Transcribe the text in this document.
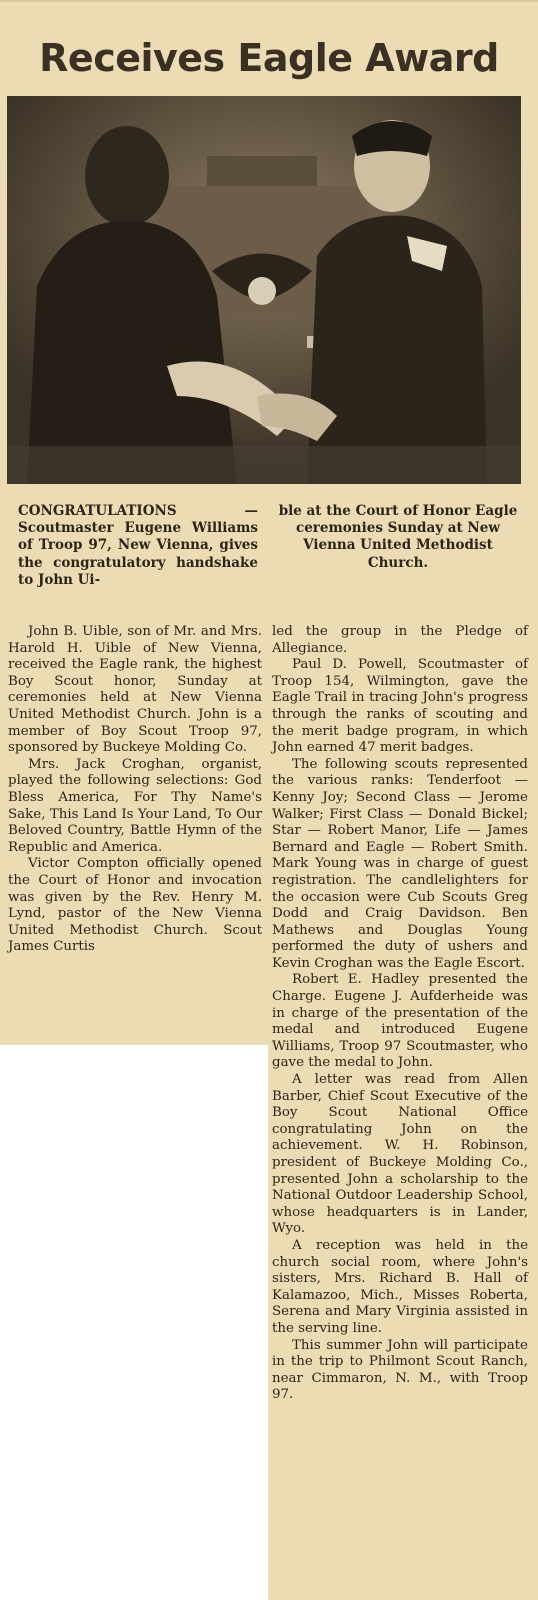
Receives Eagle Award
CONGRATULATIONS — Scoutmaster Eugene Williams of Troop 97, New Vienna, gives the congratulatory handshake to John Ui-
ble at the Court of Honor Eagle ceremonies Sunday at New Vienna United Methodist Church.

John B. Uible, son of Mr. and Mrs. Harold H. Uible of New Vienna, received the Eagle rank, the highest Boy Scout honor, Sunday at ceremonies held at New Vienna United Methodist Church. John is a member of Boy Scout Troop 97, sponsored by Buckeye Molding Co.

Mrs. Jack Croghan, organist, played the following selections: God Bless America, For Thy Name's Sake, This Land Is Your Land, To Our Beloved Country, Battle Hymn of the Republic and America.

Victor Compton officially opened the Court of Honor and invocation was given by the Rev. Henry M. Lynd, pastor of the New Vienna United Methodist Church. Scout James Curtis

led the group in the Pledge of Allegiance.

Paul D. Powell, Scoutmaster of Troop 154, Wilmington, gave the Eagle Trail in tracing John's progress through the ranks of scouting and the merit badge program, in which John earned 47 merit badges.

The following scouts represented the various ranks: Tenderfoot — Kenny Joy; Second Class — Jerome Walker; First Class — Donald Bickel; Star — Robert Manor, Life — James Bernard and Eagle — Robert Smith. Mark Young was in charge of guest registration. The candlelighters for the occasion were Cub Scouts Greg Dodd and Craig Davidson. Ben Mathews and Douglas Young performed the duty of ushers and Kevin Croghan was the Eagle Escort.

Robert E. Hadley presented the Charge. Eugene J. Aufderheide was in charge of the presentation of the medal and introduced Eugene Williams, Troop 97 Scoutmaster, who gave the medal to John.

A letter was read from Allen Barber, Chief Scout Executive of the Boy Scout National Office congratulating John on the achievement. W. H. Robinson, president of Buckeye Molding Co., presented John a scholarship to the National Outdoor Leadership School, whose headquarters is in Lander, Wyo.

A reception was held in the church social room, where John's sisters, Mrs. Richard B. Hall of Kalamazoo, Mich., Misses Roberta, Serena and Mary Virginia assisted in the serving line.

This summer John will participate in the trip to Philmont Scout Ranch, near Cimmaron, N. M., with Troop 97.
